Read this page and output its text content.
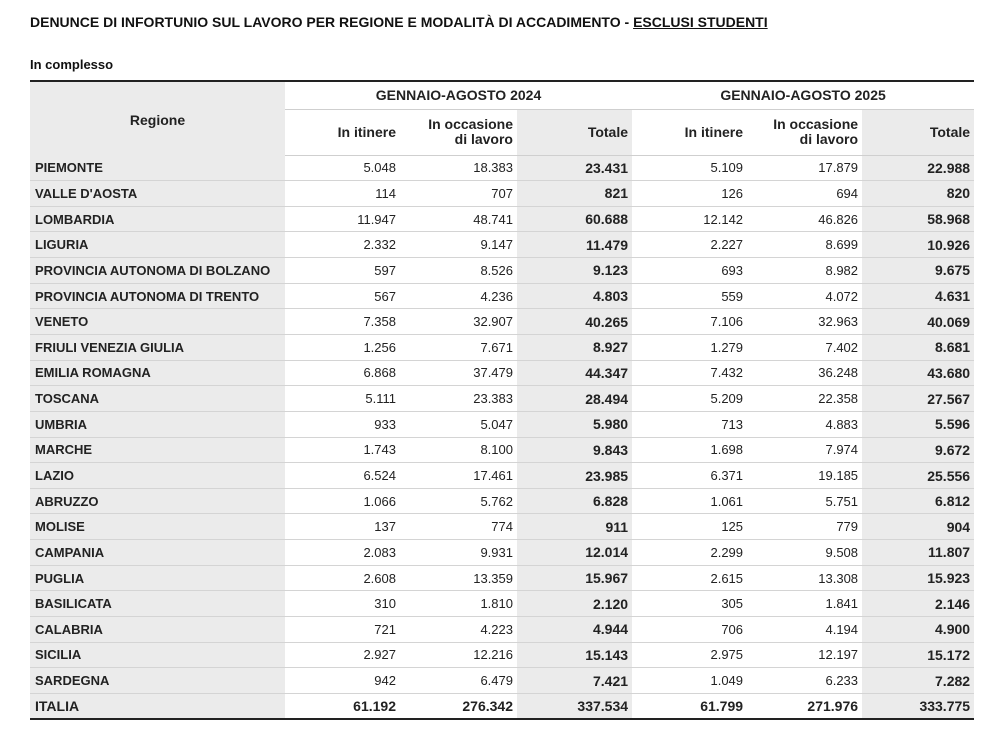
DENUNCE DI INFORTUNIO SUL LAVORO PER REGIONE E MODALITÀ DI ACCADIMENTO - ESCLUSI STUDENTI
In complesso
Regione	GENNAIO-AGOSTO 2024			GENNAIO-AGOSTO 2025		
	In itinere	In occasione
di lavoro	Totale	In itinere	In occasione
di lavoro	Totale
PIEMONTE	5.048	18.383	23.431	5.109	17.879	22.988
VALLE D'AOSTA	114	707	821	126	694	820
LOMBARDIA	11.947	48.741	60.688	12.142	46.826	58.968
LIGURIA	2.332	9.147	11.479	2.227	8.699	10.926
PROVINCIA AUTONOMA DI BOLZANO	597	8.526	9.123	693	8.982	9.675
PROVINCIA AUTONOMA DI TRENTO	567	4.236	4.803	559	4.072	4.631
VENETO	7.358	32.907	40.265	7.106	32.963	40.069
FRIULI VENEZIA GIULIA	1.256	7.671	8.927	1.279	7.402	8.681
EMILIA ROMAGNA	6.868	37.479	44.347	7.432	36.248	43.680
TOSCANA	5.111	23.383	28.494	5.209	22.358	27.567
UMBRIA	933	5.047	5.980	713	4.883	5.596
MARCHE	1.743	8.100	9.843	1.698	7.974	9.672
LAZIO	6.524	17.461	23.985	6.371	19.185	25.556
ABRUZZO	1.066	5.762	6.828	1.061	5.751	6.812
MOLISE	137	774	911	125	779	904
CAMPANIA	2.083	9.931	12.014	2.299	9.508	11.807
PUGLIA	2.608	13.359	15.967	2.615	13.308	15.923
BASILICATA	310	1.810	2.120	305	1.841	2.146
CALABRIA	721	4.223	4.944	706	4.194	4.900
SICILIA	2.927	12.216	15.143	2.975	12.197	15.172
SARDEGNA	942	6.479	7.421	1.049	6.233	7.282
ITALIA	61.192	276.342	337.534	61.799	271.976	333.775
